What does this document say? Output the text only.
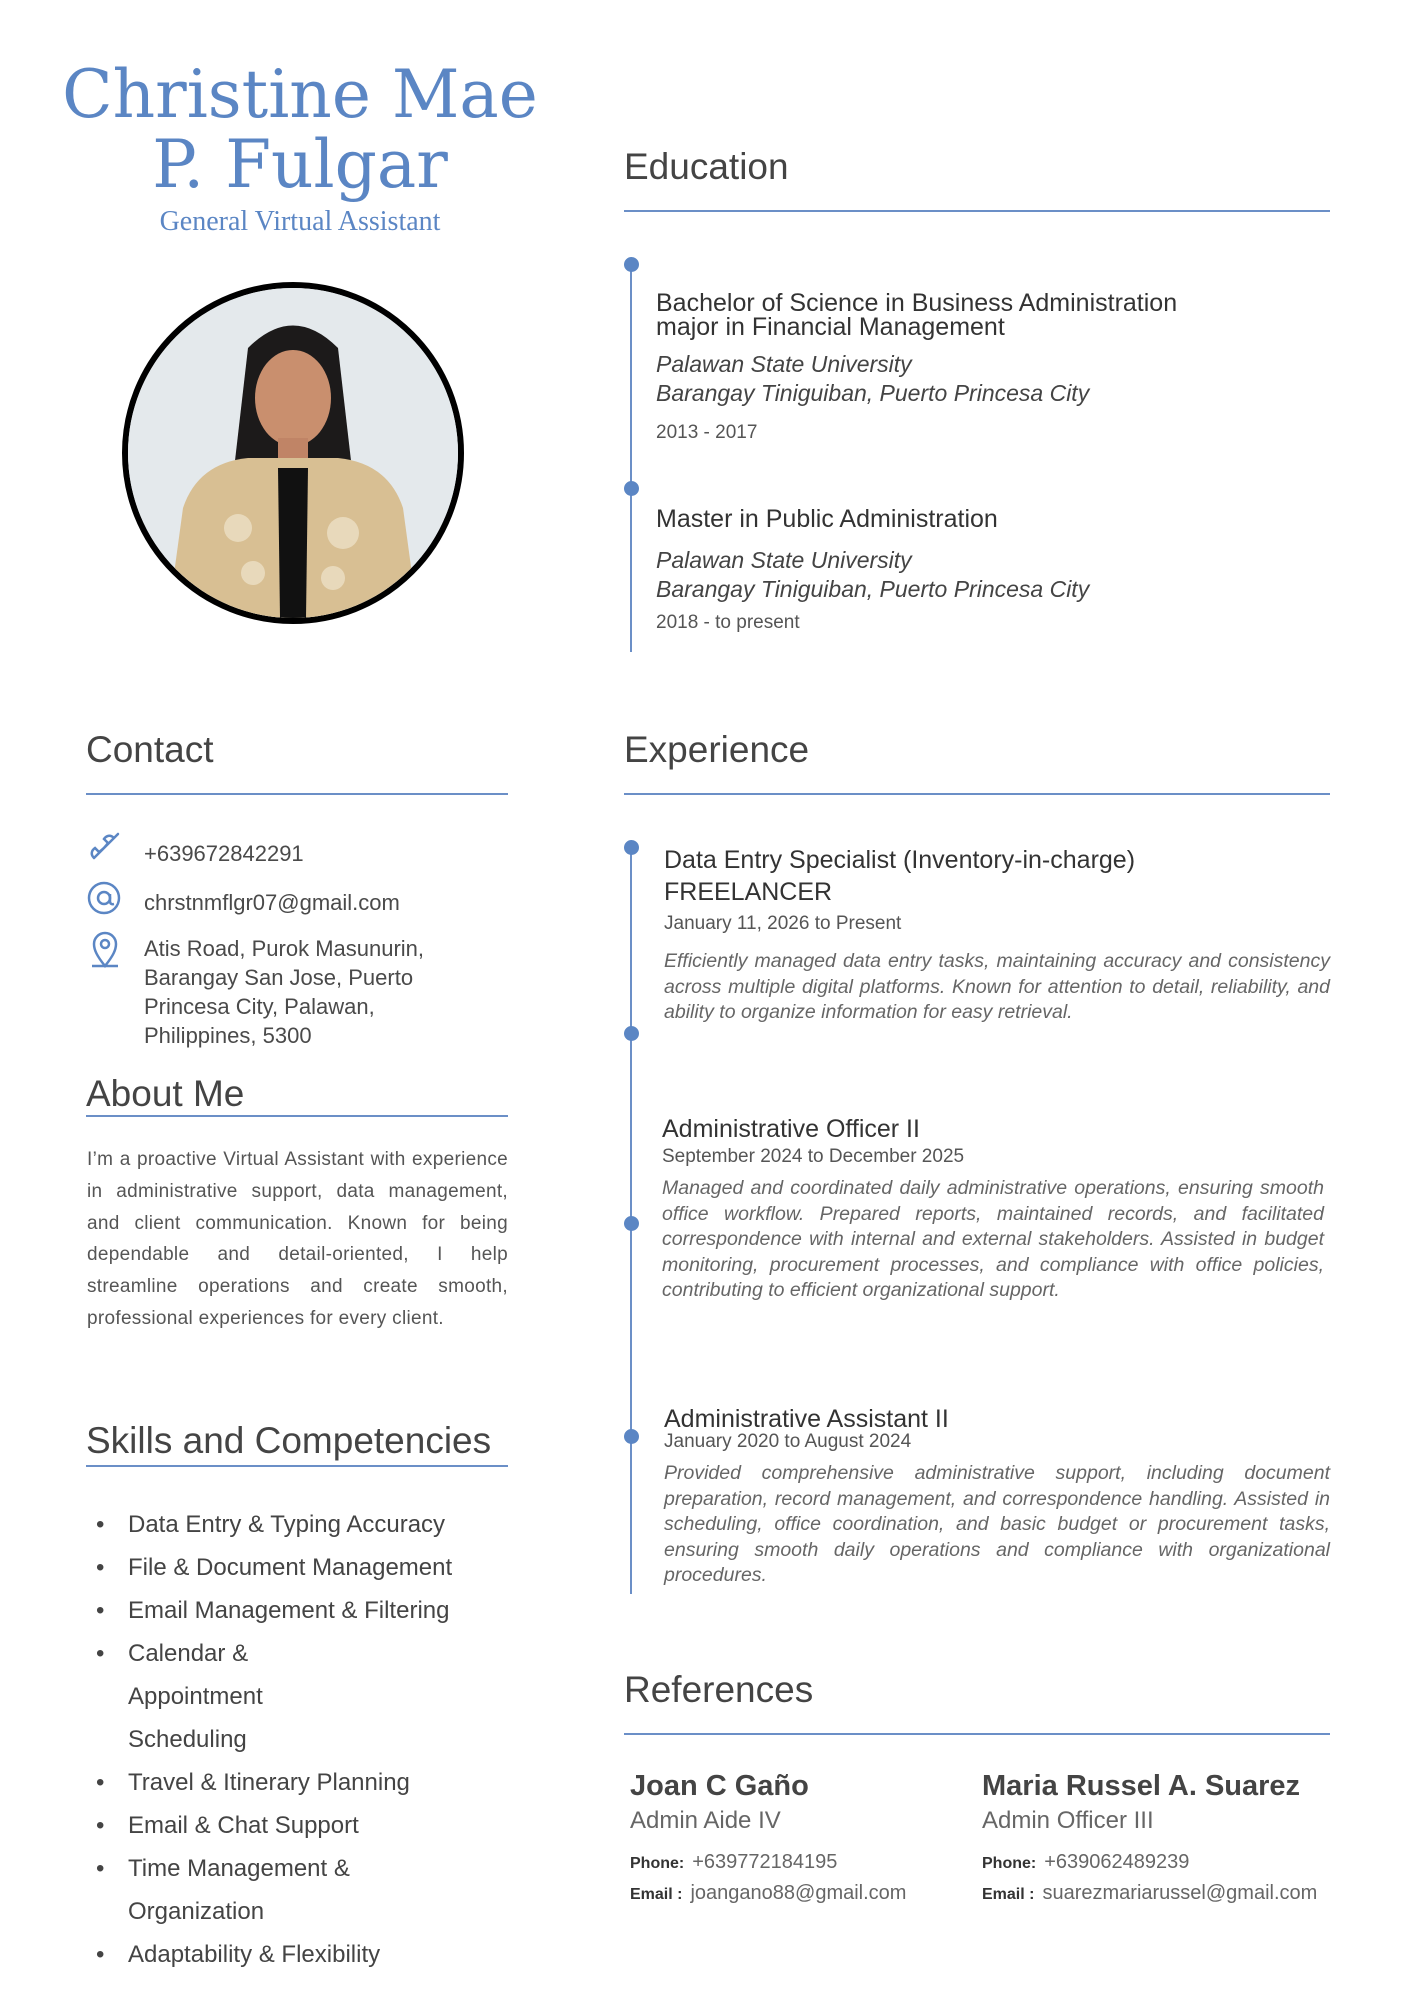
Christine Mae
P. Fulgar
General Virtual Assistant
Education
Bachelor of Science in Business Administration
major in Financial Management
Palawan State University
Barangay Tiniguiban, Puerto Princesa City
2013 - 2017
Master in Public Administration
Palawan State University
Barangay Tiniguiban, Puerto Princesa City
2018 - to present
Contact
+639672842291
chrstnmflgr07@gmail.com
Atis Road, Purok Masunurin,
Barangay San Jose, Puerto
Princesa City, Palawan,
Philippines, 5300
About Me
I’m a proactive Virtual Assistant with experience in administrative support, data management, and client communication. Known for being dependable and detail-oriented, I help streamline operations and create smooth, professional experiences for every client.
Skills and Competencies
• Data Entry & Typing Accuracy
• File & Document Management
• Email Management & Filtering
• Calendar & Appointment Scheduling
• Travel & Itinerary Planning
• Email & Chat Support
• Time Management & Organization
• Adaptability & Flexibility
Experience
Data Entry Specialist (Inventory-in-charge)
FREELANCER
January 11, 2026 to Present
Efficiently managed data entry tasks, maintaining accuracy and consistency across multiple digital platforms. Known for attention to detail, reliability, and ability to organize information for easy retrieval.
Administrative Officer II
September 2024 to December 2025
Managed and coordinated daily administrative operations, ensuring smooth office workflow. Prepared reports, maintained records, and facilitated correspondence with internal and external stakeholders. Assisted in budget monitoring, procurement processes, and compliance with office policies, contributing to efficient organizational support.
Administrative Assistant II
January 2020 to August 2024
Provided comprehensive administrative support, including document preparation, record management, and correspondence handling. Assisted in scheduling, office coordination, and basic budget or procurement tasks, ensuring smooth daily operations and compliance with organizational procedures.
References
Joan C Gaño
Admin Aide IV
Phone: +639772184195
Email : joangano88@gmail.com
Maria Russel A. Suarez
Admin Officer III
Phone: +639062489239
Email : suarezmariarussel@gmail.com
